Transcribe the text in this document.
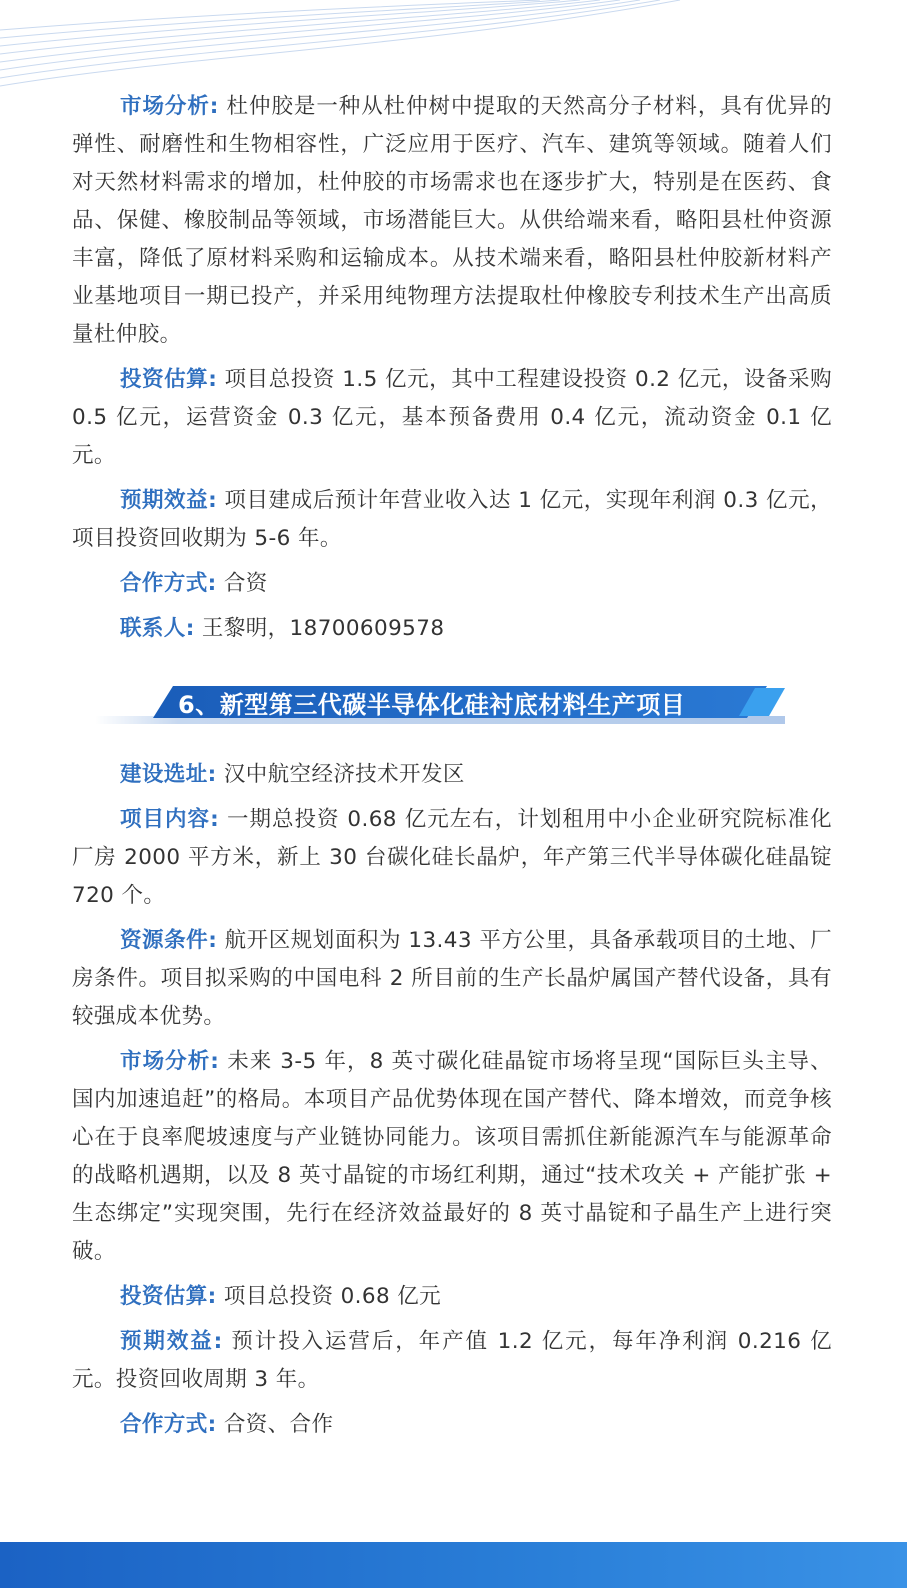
市场分析: 杜仲胶是一种从杜仲树中提取的天然高分子材料，具有优异的弹性、耐磨性和生物相容性，广泛应用于医疗、汽车、建筑等领域。随着人们对天然材料需求的增加，杜仲胶的市场需求也在逐步扩大，特别是在医药、食品、保健、橡胶制品等领域，市场潜能巨大。从供给端来看，略阳县杜仲资源丰富，降低了原材料采购和运输成本。从技术端来看，略阳县杜仲胶新材料产业基地项目一期已投产，并采用纯物理方法提取杜仲橡胶专利技术生产出高质量杜仲胶。

投资估算: 项目总投资 1.5 亿元，其中工程建设投资 0.2 亿元，设备采购 0.5 亿元，运营资金 0.3 亿元，基本预备费用 0.4 亿元，流动资金 0.1 亿元。

预期效益: 项目建成后预计年营业收入达 1 亿元，实现年利润 0.3 亿元，项目投资回收期为 5-6 年。

合作方式: 合资

联系人: 王黎明，18700609578

6、新型第三代碳半导体化硅衬底材料生产项目

建设选址: 汉中航空经济技术开发区

项目内容: 一期总投资 0.68 亿元左右，计划租用中小企业研究院标准化厂房 2000 平方米，新上 30 台碳化硅长晶炉，年产第三代半导体碳化硅晶锭 720 个。

资源条件: 航开区规划面积为 13.43 平方公里，具备承载项目的土地、厂房条件。项目拟采购的中国电科 2 所目前的生产长晶炉属国产替代设备，具有较强成本优势。

市场分析: 未来 3-5 年，8 英寸碳化硅晶锭市场将呈现“国际巨头主导、国内加速追赶”的格局。本项目产品优势体现在国产替代、降本增效，而竞争核心在于良率爬坡速度与产业链协同能力。该项目需抓住新能源汽车与能源革命的战略机遇期，以及 8 英寸晶锭的市场红利期，通过“技术攻关 + 产能扩张 + 生态绑定”实现突围，先行在经济效益最好的 8 英寸晶锭和子晶生产上进行突破。

投资估算: 项目总投资 0.68 亿元

预期效益: 预计投入运营后，年产值 1.2 亿元，每年净利润 0.216 亿元。投资回收周期 3 年。

合作方式: 合资、合作
